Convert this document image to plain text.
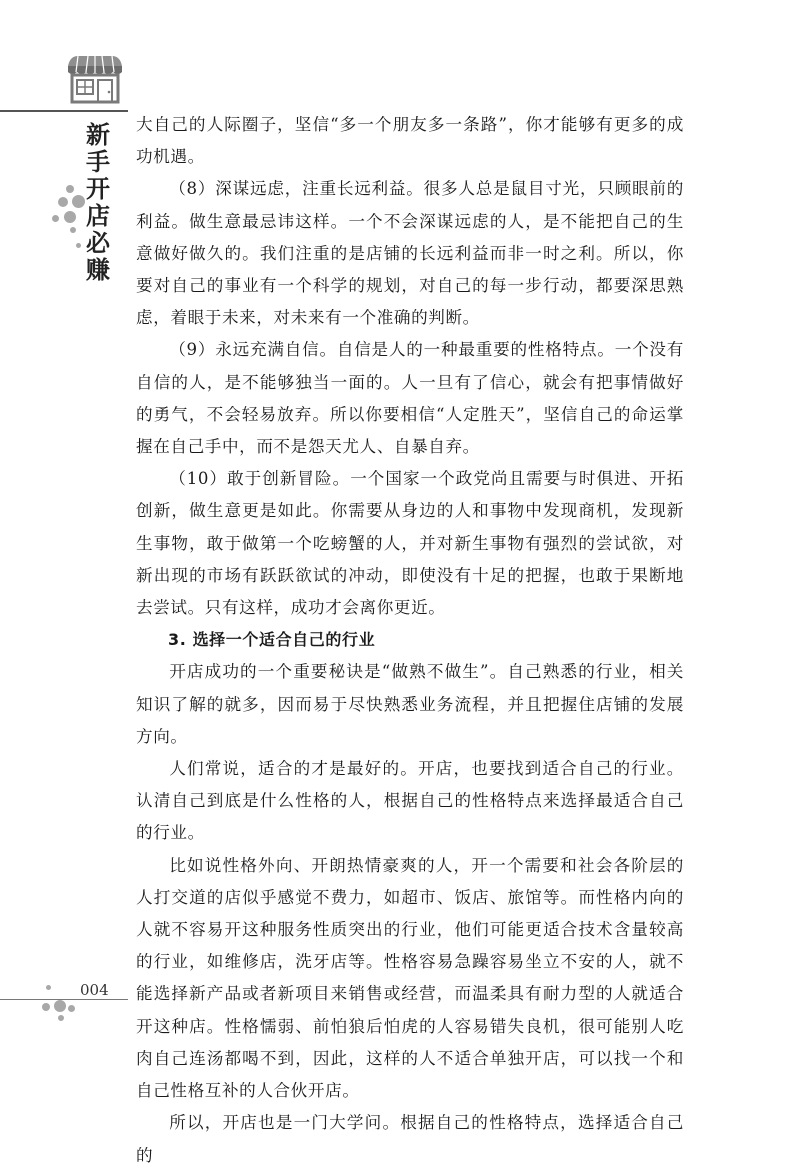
新手开店必赚

大自己的人际圈子，坚信“多一个朋友多一条路”，你才能够有更多的成功机遇。

（8）深谋远虑，注重长远利益。很多人总是鼠目寸光，只顾眼前的利益。做生意最忌讳这样。一个不会深谋远虑的人，是不能把自己的生意做好做久的。我们注重的是店铺的长远利益而非一时之利。所以，你要对自己的事业有一个科学的规划，对自己的每一步行动，都要深思熟虑，着眼于未来，对未来有一个准确的判断。

（9）永远充满自信。自信是人的一种最重要的性格特点。一个没有自信的人，是不能够独当一面的。人一旦有了信心，就会有把事情做好的勇气，不会轻易放弃。所以你要相信“人定胜天”，坚信自己的命运掌握在自己手中，而不是怨天尤人、自暴自弃。

（10）敢于创新冒险。一个国家一个政党尚且需要与时俱进、开拓创新，做生意更是如此。你需要从身边的人和事物中发现商机，发现新生事物，敢于做第一个吃螃蟹的人，并对新生事物有强烈的尝试欲，对新出现的市场有跃跃欲试的冲动，即使没有十足的把握，也敢于果断地去尝试。只有这样，成功才会离你更近。

3. 选择一个适合自己的行业

开店成功的一个重要秘诀是“做熟不做生”。自己熟悉的行业，相关知识了解的就多，因而易于尽快熟悉业务流程，并且把握住店铺的发展方向。

人们常说，适合的才是最好的。开店，也要找到适合自己的行业。认清自己到底是什么性格的人，根据自己的性格特点来选择最适合自己的行业。

比如说性格外向、开朗热情豪爽的人，开一个需要和社会各阶层的人打交道的店似乎感觉不费力，如超市、饭店、旅馆等。而性格内向的人就不容易开这种服务性质突出的行业，他们可能更适合技术含量较高的行业，如维修店，洗牙店等。性格容易急躁容易坐立不安的人，就不能选择新产品或者新项目来销售或经营，而温柔具有耐力型的人就适合开这种店。性格懦弱、前怕狼后怕虎的人容易错失良机，很可能别人吃肉自己连汤都喝不到，因此，这样的人不适合单独开店，可以找一个和自己性格互补的人合伙开店。

所以，开店也是一门大学问。根据自己的性格特点，选择适合自己的

004
